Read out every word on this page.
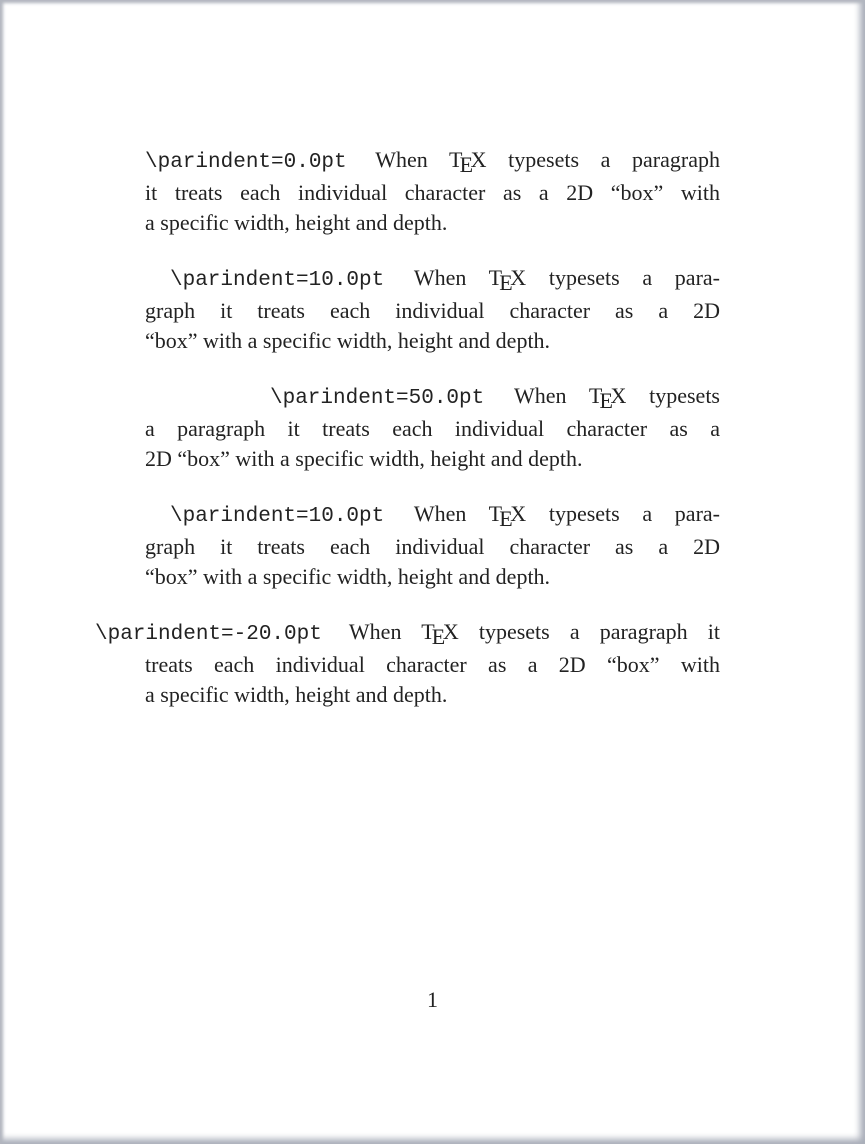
\parindent=0.0pt When TEX typesets a paragraph
it treats each individual character as a 2D “box” with
a specific width, height and depth.
\parindent=10.0pt When TEX typesets a para-
graph it treats each individual character as a 2D
“box” with a specific width, height and depth.
\parindent=50.0pt When TEX typesets
a paragraph it treats each individual character as a
2D “box” with a specific width, height and depth.
\parindent=10.0pt When TEX typesets a para-
graph it treats each individual character as a 2D
“box” with a specific width, height and depth.
\parindent=-20.0pt When TEX typesets a paragraph it
treats each individual character as a 2D “box” with
a specific width, height and depth.
1
